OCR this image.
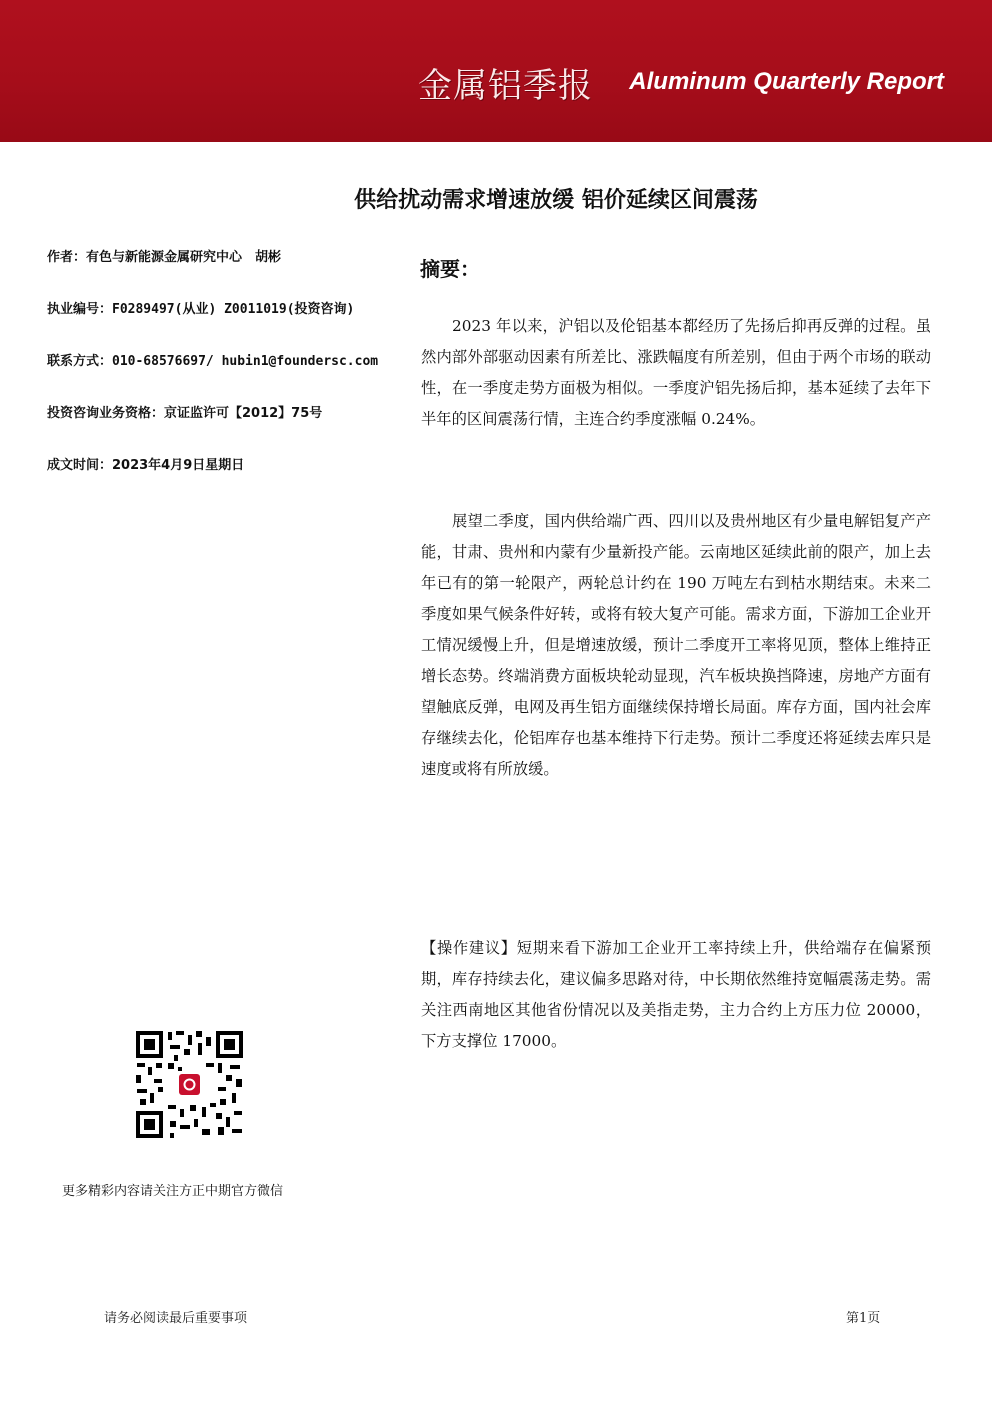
金属铝季报 Aluminum Quarterly Report
供给扰动需求增速放缓 铝价延续区间震荡
作者：有色与新能源金属研究中心　胡彬
执业编号：F0289497(从业) Z0011019(投资咨询)
联系方式：010-68576697/ hubin1@foundersc.com
投资咨询业务资格：京证监许可【2012】75号
成文时间：2023年4月9日星期日
摘要：
2023 年以来，沪铝以及伦铝基本都经历了先扬后抑再反弹的过程。虽然内部外部驱动因素有所差比、涨跌幅度有所差别，但由于两个市场的联动性，在一季度走势方面极为相似。一季度沪铝先扬后抑，基本延续了去年下半年的区间震荡行情，主连合约季度涨幅 0.24%。
展望二季度，国内供给端广西、四川以及贵州地区有少量电解铝复产产能，甘肃、贵州和内蒙有少量新投产能。云南地区延续此前的限产，加上去年已有的第一轮限产，两轮总计约在 190 万吨左右到枯水期结束。未来二季度如果气候条件好转，或将有较大复产可能。需求方面，下游加工企业开工情况缓慢上升，但是增速放缓，预计二季度开工率将见顶，整体上维持正增长态势。终端消费方面板块轮动显现，汽车板块换挡降速，房地产方面有望触底反弹，电网及再生铝方面继续保持增长局面。库存方面，国内社会库存继续去化，伦铝库存也基本维持下行走势。预计二季度还将延续去库只是速度或将有所放缓。
【操作建议】短期来看下游加工企业开工率持续上升，供给端存在偏紧预期，库存持续去化，建议偏多思路对待，中长期依然维持宽幅震荡走势。需关注西南地区其他省份情况以及美指走势，主力合约上方压力位 20000，下方支撑位 17000。
更多精彩内容请关注方正中期官方微信
请务必阅读最后重要事项	第1页
